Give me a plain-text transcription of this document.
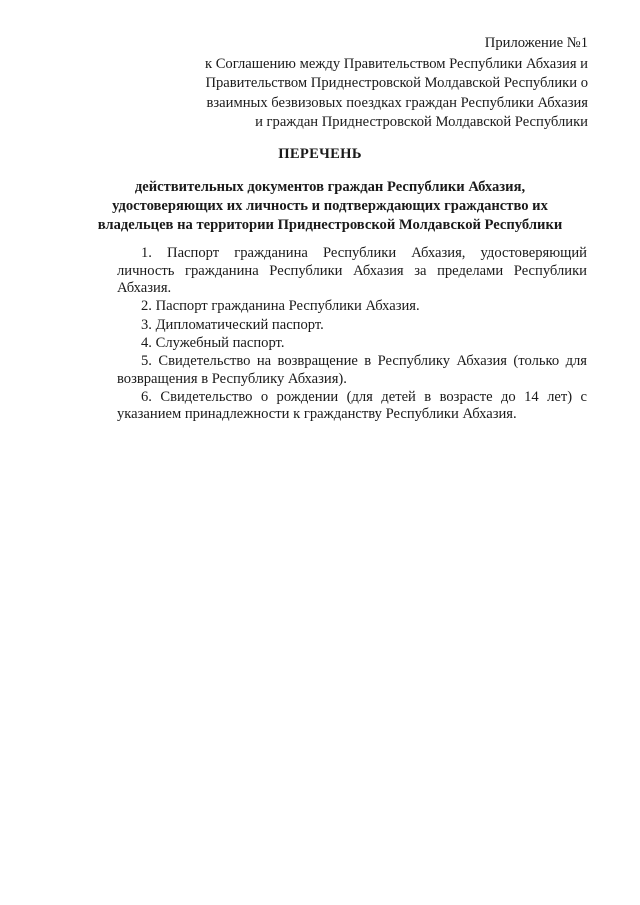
Приложение №1
к Соглашению между Правительством Республики Абхазия и
Правительством Приднестровской Молдавской Республики о
взаимных безвизовых поездках граждан Республики Абхазия
и граждан Приднестровской Молдавской Республики
ПЕРЕЧЕНЬ
действительных документов граждан Республики Абхазия,
удостоверяющих их личность и подтверждающих гражданство их
владельцев на территории Приднестровской Молдавской Республики

1. Паспорт гражданина Республики Абхазия, удостоверяющий личность гражданина Республики Абхазия за пределами Республики Абхазия.

2. Паспорт гражданина Республики Абхазия.

3. Дипломатический паспорт.

4. Служебный паспорт.

5. Свидетельство на возвращение в Республику Абхазия (только для возвращения в Республику Абхазия).

6. Свидетельство о рождении (для детей в возрасте до 14 лет) с указанием принадлежности к гражданству Республики Абхазия.
